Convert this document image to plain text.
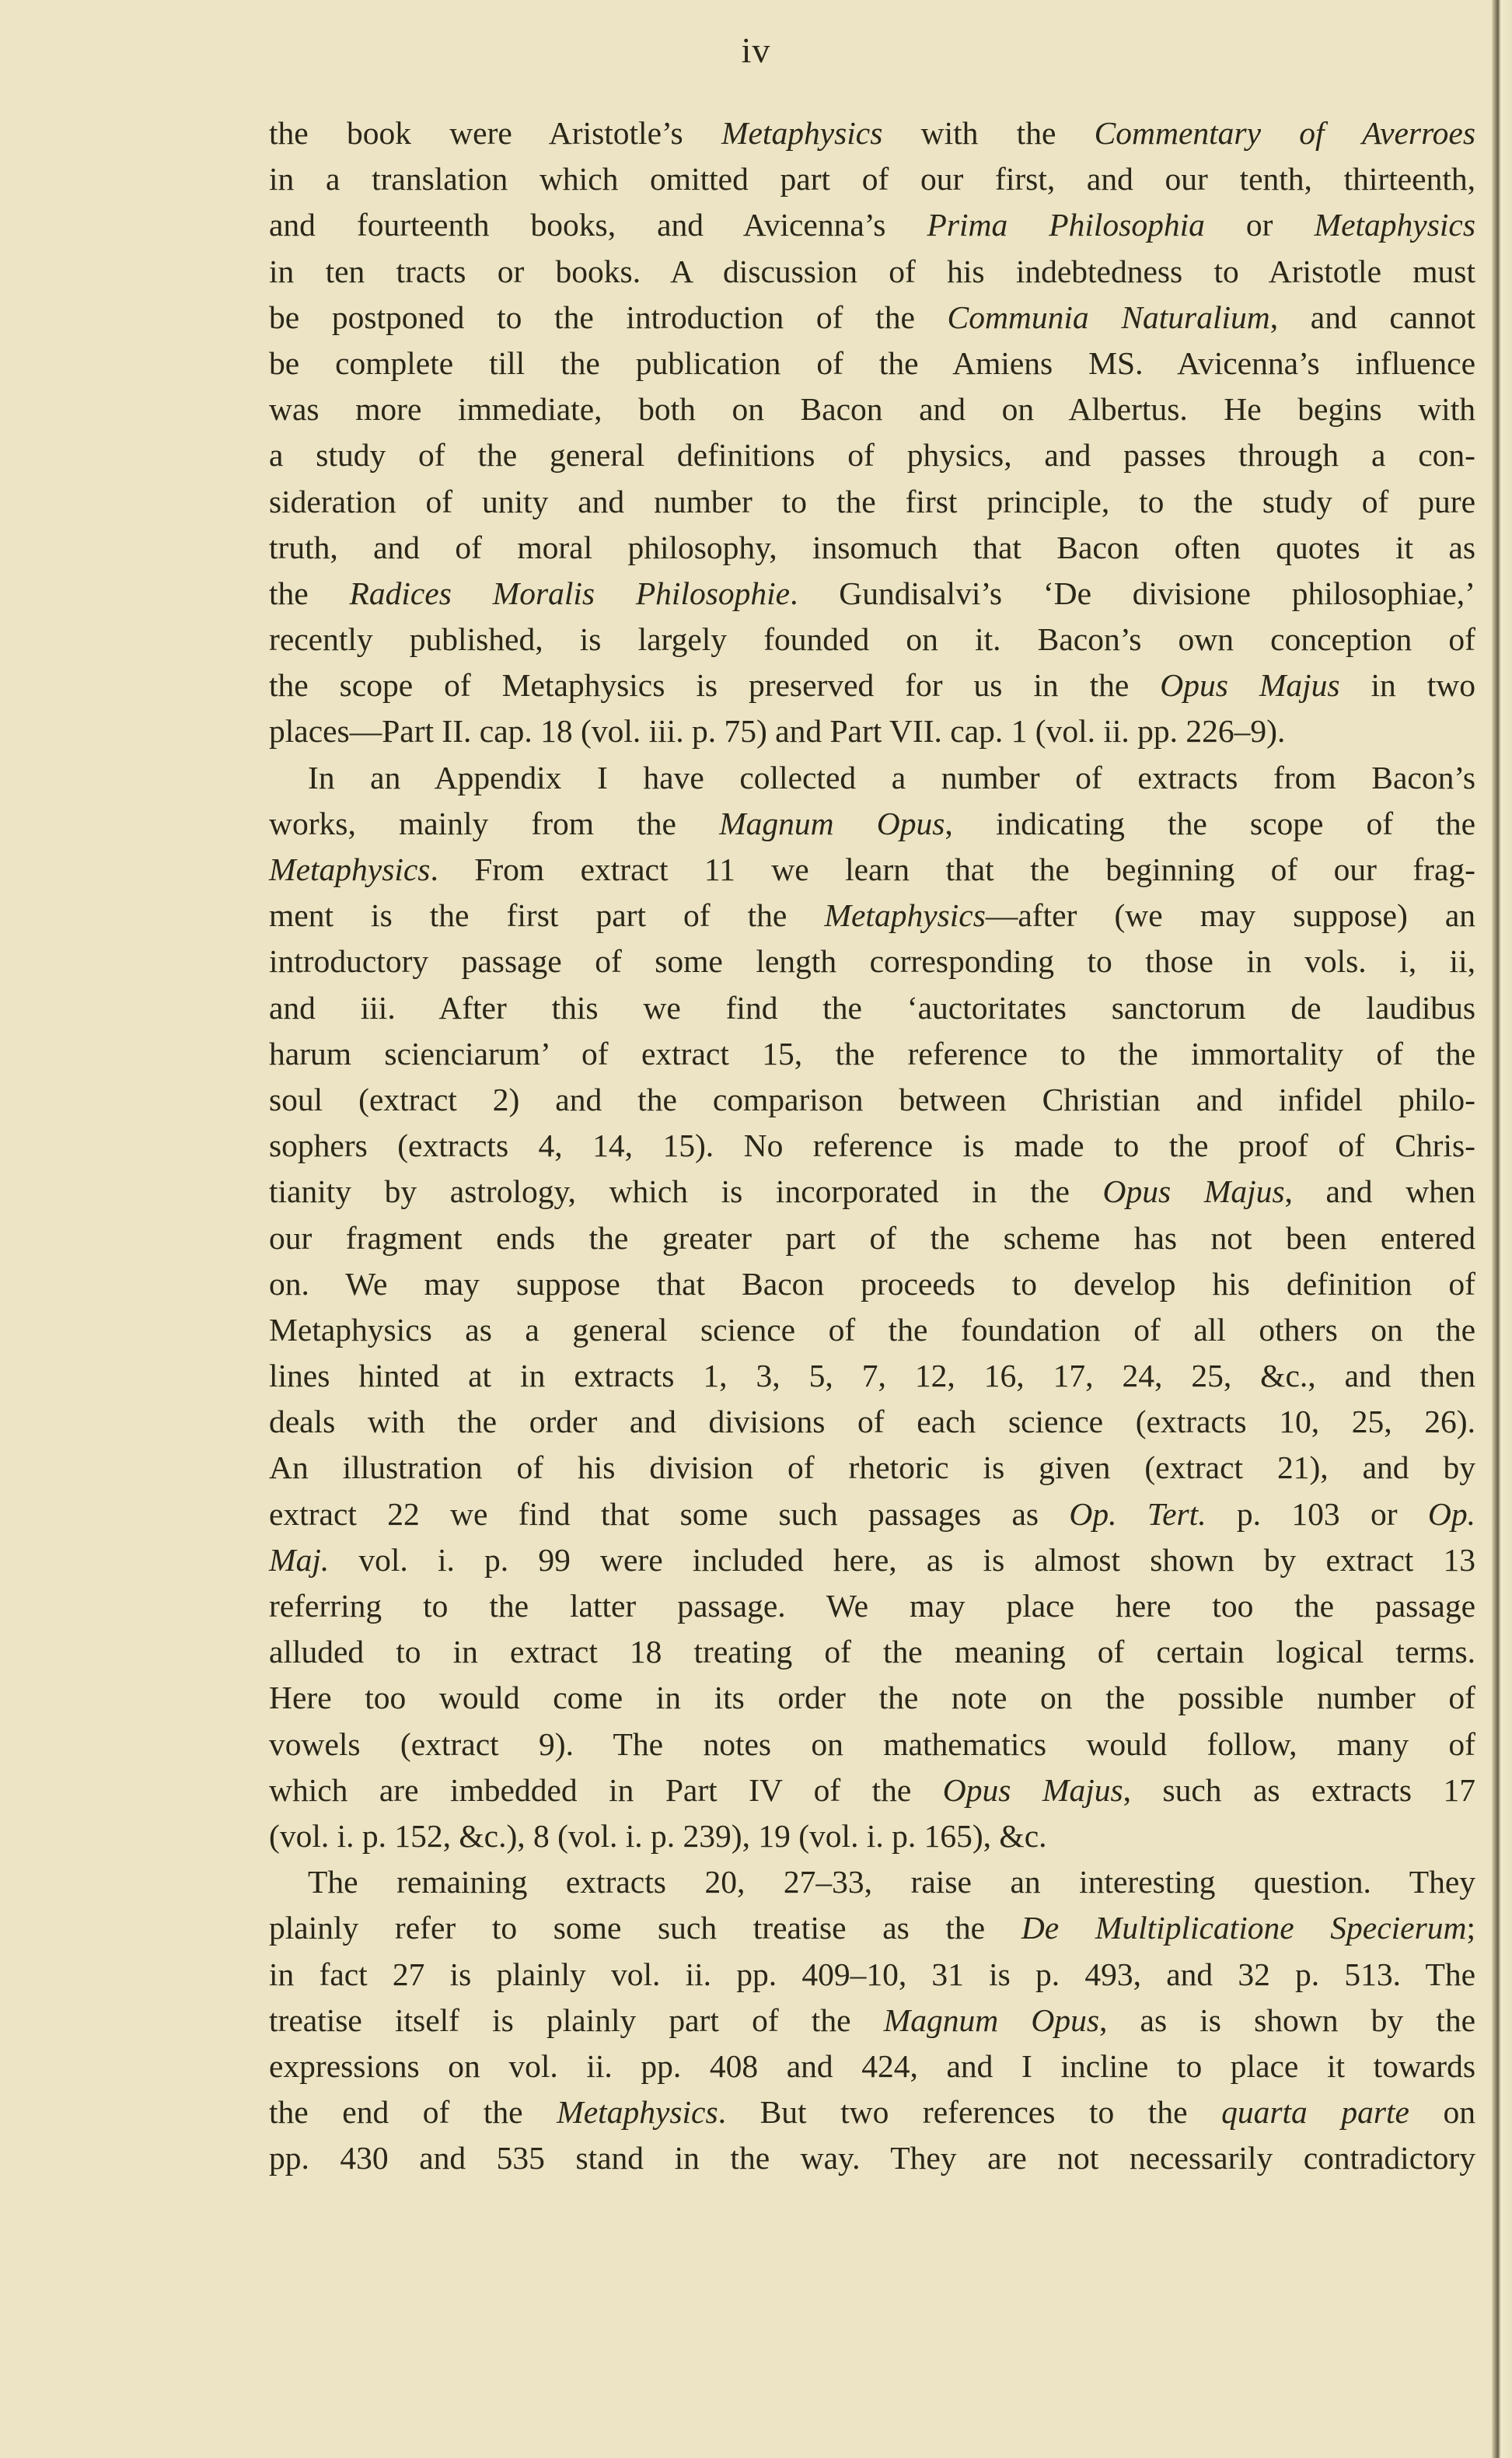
iv
the book were Aristotle’s Metaphysics with the Commentary of Averroes
in a translation which omitted part of our first, and our tenth, thirteenth,
and fourteenth books, and Avicenna’s Prima Philosophia or Metaphysics
in ten tracts or books. A discussion of his indebtedness to Aristotle must
be postponed to the introduction of the Communia Naturalium, and cannot
be complete till the publication of the Amiens MS. Avicenna’s influence
was more immediate, both on Bacon and on Albertus. He begins with
a study of the general definitions of physics, and passes through a con-
sideration of unity and number to the first principle, to the study of pure
truth, and of moral philosophy, insomuch that Bacon often quotes it as
the Radices Moralis Philosophie. Gundisalvi’s ‘De divisione philosophiae,’
recently published, is largely founded on it. Bacon’s own conception of
the scope of Metaphysics is preserved for us in the Opus Majus in two
places—Part II. cap. 18 (vol. iii. p. 75) and Part VII. cap. 1 (vol. ii. pp. 226–9).
In an Appendix I have collected a number of extracts from Bacon’s
works, mainly from the Magnum Opus, indicating the scope of the
Metaphysics. From extract 11 we learn that the beginning of our frag-
ment is the first part of the Metaphysics—after (we may suppose) an
introductory passage of some length corresponding to those in vols. i, ii,
and iii. After this we find the ‘auctoritates sanctorum de laudibus
harum scienciarum’ of extract 15, the reference to the immortality of the
soul (extract 2) and the comparison between Christian and infidel philo-
sophers (extracts 4, 14, 15). No reference is made to the proof of Chris-
tianity by astrology, which is incorporated in the Opus Majus, and when
our fragment ends the greater part of the scheme has not been entered
on. We may suppose that Bacon proceeds to develop his definition of
Metaphysics as a general science of the foundation of all others on the
lines hinted at in extracts 1, 3, 5, 7, 12, 16, 17, 24, 25, &c., and then
deals with the order and divisions of each science (extracts 10, 25, 26).
An illustration of his division of rhetoric is given (extract 21), and by
extract 22 we find that some such passages as Op. Tert. p. 103 or Op.
Maj. vol. i. p. 99 were included here, as is almost shown by extract 13
referring to the latter passage. We may place here too the passage
alluded to in extract 18 treating of the meaning of certain logical terms.
Here too would come in its order the note on the possible number of
vowels (extract 9). The notes on mathematics would follow, many of
which are imbedded in Part IV of the Opus Majus, such as extracts 17
(vol. i. p. 152, &c.), 8 (vol. i. p. 239), 19 (vol. i. p. 165), &c.
The remaining extracts 20, 27–33, raise an interesting question. They
plainly refer to some such treatise as the De Multiplicatione Specierum;
in fact 27 is plainly vol. ii. pp. 409–10, 31 is p. 493, and 32 p. 513. The
treatise itself is plainly part of the Magnum Opus, as is shown by the
expressions on vol. ii. pp. 408 and 424, and I incline to place it towards
the end of the Metaphysics. But two references to the quarta parte on
pp. 430 and 535 stand in the way. They are not necessarily contradictory
